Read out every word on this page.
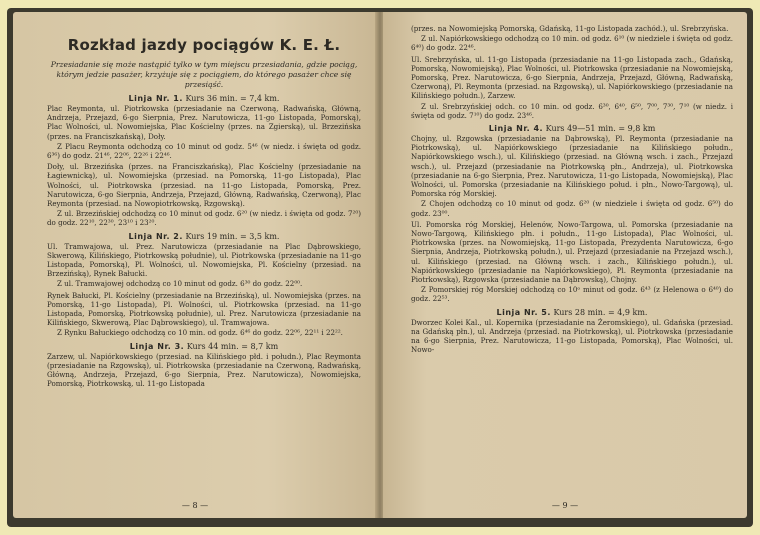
Rozkład jazdy pociągów K. E. Ł.
Przesiadanie się może nastąpić tylko w tym miejscu przesiadania, gdzie pociąg, którym jedzie pasażer, krzyżuje się z pociągiem, do którego pasażer chce się przesiąść.
Linja Nr. 1. Kurs 36 min. = 7,4 km.

Plac Reymonta, ul. Piotrkowska (przesiadanie na Czerwoną, Radwańską, Główną, Andrzeja, Przejazd, 6-go Sierpnia, Prez. Narutowicza, 11-go Listopada, Pomorską), Plac Wolności, ul. Nowomiejska, Plac Kościelny (przes. na Zgierską), ul. Brzezińska (przes. na Franciszkańską), Doły.

Z Placu Reymonta odchodzą co 10 minut od godz. 5⁴⁶ (w niedz. i święta od godz. 6³⁶) do godz. 21⁴⁶, 22⁰⁶, 22²⁶ i 22⁴⁶.

Doły, ul. Brzezińska (przes. na Franciszkańską), Plac Kościelny (przesiadanie na Łagiewnicką), ul. Nowomiejska (przesiad. na Pomorską, 11-go Listopada), Plac Wolności, ul. Piotrkowska (przesiad. na 11-go Listopada, Pomorską, Prez. Narutowicza, 6-go Sierpnia, Andrzeja, Przejazd, Główną, Radwańską, Czerwoną), Plac Reymonta (przesiad. na Nowopiotrkowską, Rzgowską).

Z ul. Brzezińskiej odchodzą co 10 minut od godz. 6²⁰ (w niedz. i święta od godz. 7²⁰) do godz. 22¹⁰, 22³⁰, 23¹⁰ i 23²⁰.

Linja Nr. 2. Kurs 19 min. = 3,5 km.

Ul. Tramwajowa, ul. Prez. Narutowicza (przesiadanie na Plac Dąbrowskiego, Skwerową, Kilińskiego, Piotrkowską południe), ul. Piotrkowska (przesiadanie na 11-go Listopada, Pomorską), Pl. Wolności, ul. Nowomiejska, Pl. Kościelny (przesiad. na Brzezińską), Rynek Bałucki.

Z ul. Tramwajowej odchodzą co 10 minut od godz. 6³⁰ do godz. 22⁰⁰.

Rynek Bałucki, Pl. Kościelny (przesiadanie na Brzezińską), ul. Nowomiejska (przes. na Pomorską, 11-go Listopada), Pl. Wolności, ul. Piotrkowska (przesiad. na 11-go Listopada, Pomorską, Piotrkowską południe), ul. Prez. Narutowicza (przesiadanie na Kilińskiego, Skwerową, Plac Dąbrowskiego), ul. Tramwajowa.

Z Rynku Bałuckiego odchodzą co 10 min. od godz. 6⁴⁶ do godz. 22⁰⁶, 22¹¹ i 22²².

Linja Nr. 3. Kurs 44 min. = 8,7 km

Zarzew, ul. Napiórkowskiego (przesiad. na Kilińskiego płd. i połudn.), Plac Reymonta (przesiadanie na Rzgowską), ul. Piotrkowska (przesiadanie na Czerwoną, Radwańską, Główną, Andrzeja, Przejazd, 6-go Sierpnia, Prez. Narutowicza), Nowomiejska, Pomorską, Piotrkowską, ul. 11-go Listopada

— 8 —

(przes. na Nowomiejską Pomorską, Gdańską, 11-go Listopada zachód.), ul. Srebrzyńska.

Z ul. Napiórkowskiego odchodzą co 10 min. od godz. 6¹⁰ (w niedziele i święta od godz. 6⁴⁰) do godz. 22⁴⁶.

Ul. Srebrzyńska, ul. 11-go Listopada (przesiadanie na 11-go Listopada zach., Gdańską, Pomorską, Nowomiejską), Plac Wolności, ul. Piotrkowska (przesiadanie na Nowomiejską, Pomorską, Prez. Narutowicza, 6-go Sierpnia, Andrzeja, Przejazd, Główną, Radwańską, Czerwoną), Pl. Reymonta (przesiad. na Rzgowską), ul. Napiórkowskiego (przesiadanie na Kilińskiego połudn.), Zarzew.

Z ul. Srebrzyńskiej odch. co 10 min. od godz. 6³⁰, 6⁴⁰, 6⁵⁰, 7⁰⁰, 7³⁰, 7¹⁰ (w niedz. i święta od godz. 7¹⁰) do godz. 23⁴⁶.

Linja Nr. 4. Kurs 49—51 min. = 9,8 km

Chojny, ul. Rzgowska (przesiadanie na Dąbrowską), Pl. Reymonta (przesiadanie na Piotrkowską), ul. Napiórkowskiego (przesiadanie na Kilińskiego połudn., Napiórkowskiego wsch.), ul. Kilińskiego (przesiad. na Główną wsch. i zach., Przejazd wsch.), ul. Przejazd (przesiadanie na Piotrkowską płn., Andrzeja), ul. Piotrkowska (przesiadanie na 6-go Sierpnia, Prez. Narutowicza, 11-go Listopada, Nowomiejską), Plac Wolności, ul. Pomorska (przesiadanie na Kilińskiego połud. i płn., Nowo-Targową), ul. Pomorska róg Morskiej.

Z Chojen odchodzą co 10 minut od godz. 6²⁰ (w niedziele i święta od godz. 6⁵⁰) do godz. 23⁰⁰.

Ul. Pomorska róg Morskiej, Helenów, Nowo-Targowa, ul. Pomorska (przesiadanie na Nowo-Targową, Kilińskiego płn. i połudn., 11-go Listopada), Plac Wolności, ul. Piotrkowska (przes. na Nowomiejską, 11-go Listopada, Prezydenta Narutowicza, 6-go Sierpnia, Andrzeja, Piotrkowską połudn.), ul. Przejazd (przesiadanie na Przejazd wsch.), ul. Kilińskiego (przesiad. na Główną wsch. i zach., Kilińskiego połudn.), ul. Napiórkowskiego (przesiadanie na Napiórkowskiego), Pl. Reymonta (przesiadanie na Piotrkowską), Rzgowska (przesiadanie na Dąbrowską), Chojny.

Z Pomorskiej róg Morskiej odchodzą co 10ᵒ minut od godz. 6⁴³ (z Helenowa o 6⁴⁰) do godz. 22⁵³.

Linja Nr. 5. Kurs 28 min. = 4,9 km.

Dworzec Kolei Kal., ul. Kopernika (przesiadanie na Żeromskiego), ul. Gdańska (przesiad. na Gdańską płn.), ul. Andrzeja (przesiad. na Piotrkowską), ul. Piotrkowska (przesiadanie na 6-go Sierpnia, Prez. Narutowicza, 11-go Listopada, Pomorską), Plac Wolności, ul. Nowo-

— 9 —
